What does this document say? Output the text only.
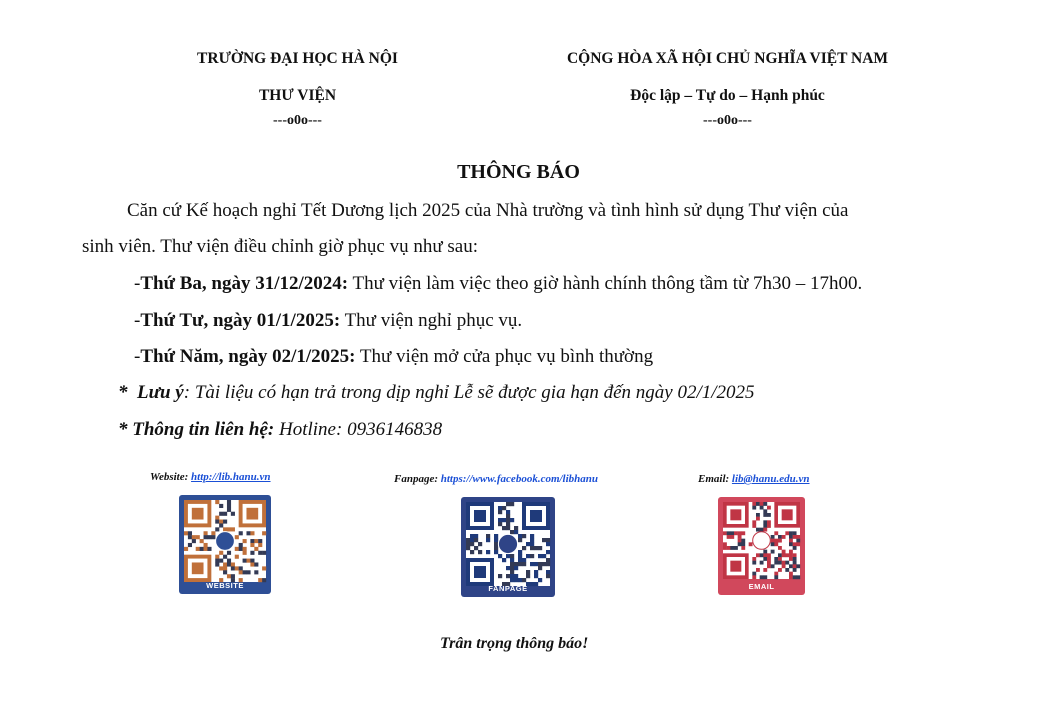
TRƯỜNG ĐẠI HỌC HÀ NỘI
THƯ VIỆN
---o0o---
CỘNG HÒA XÃ HỘI CHỦ NGHĨA VIỆT NAM
Độc lập – Tự do – Hạnh phúc
---o0o---
THÔNG BÁO
Căn cứ Kế hoạch nghỉ Tết Dương lịch 2025 của Nhà trường và tình hình sử dụng Thư viện của
sinh viên. Thư viện điều chỉnh giờ phục vụ như sau:
-Thứ Ba, ngày 31/12/2024: Thư viện làm việc theo giờ hành chính thông tầm từ 7h30 – 17h00.
-Thứ Tư, ngày 01/1/2025: Thư viện nghỉ phục vụ.
-Thứ Năm, ngày 02/1/2025: Thư viện mở cửa phục vụ bình thường
*  Lưu ý: Tài liệu có hạn trả trong dịp nghỉ Lễ sẽ được gia hạn đến ngày 02/1/2025
* Thông tin liên hệ: Hotline: 0936146838
Website: http://lib.hanu.vn	Fanpage: https://www.facebook.com/libhanu	Email: lib@hanu.edu.vn
WEBSITE	FANPAGE	EMAIL
Trân trọng thông báo!
